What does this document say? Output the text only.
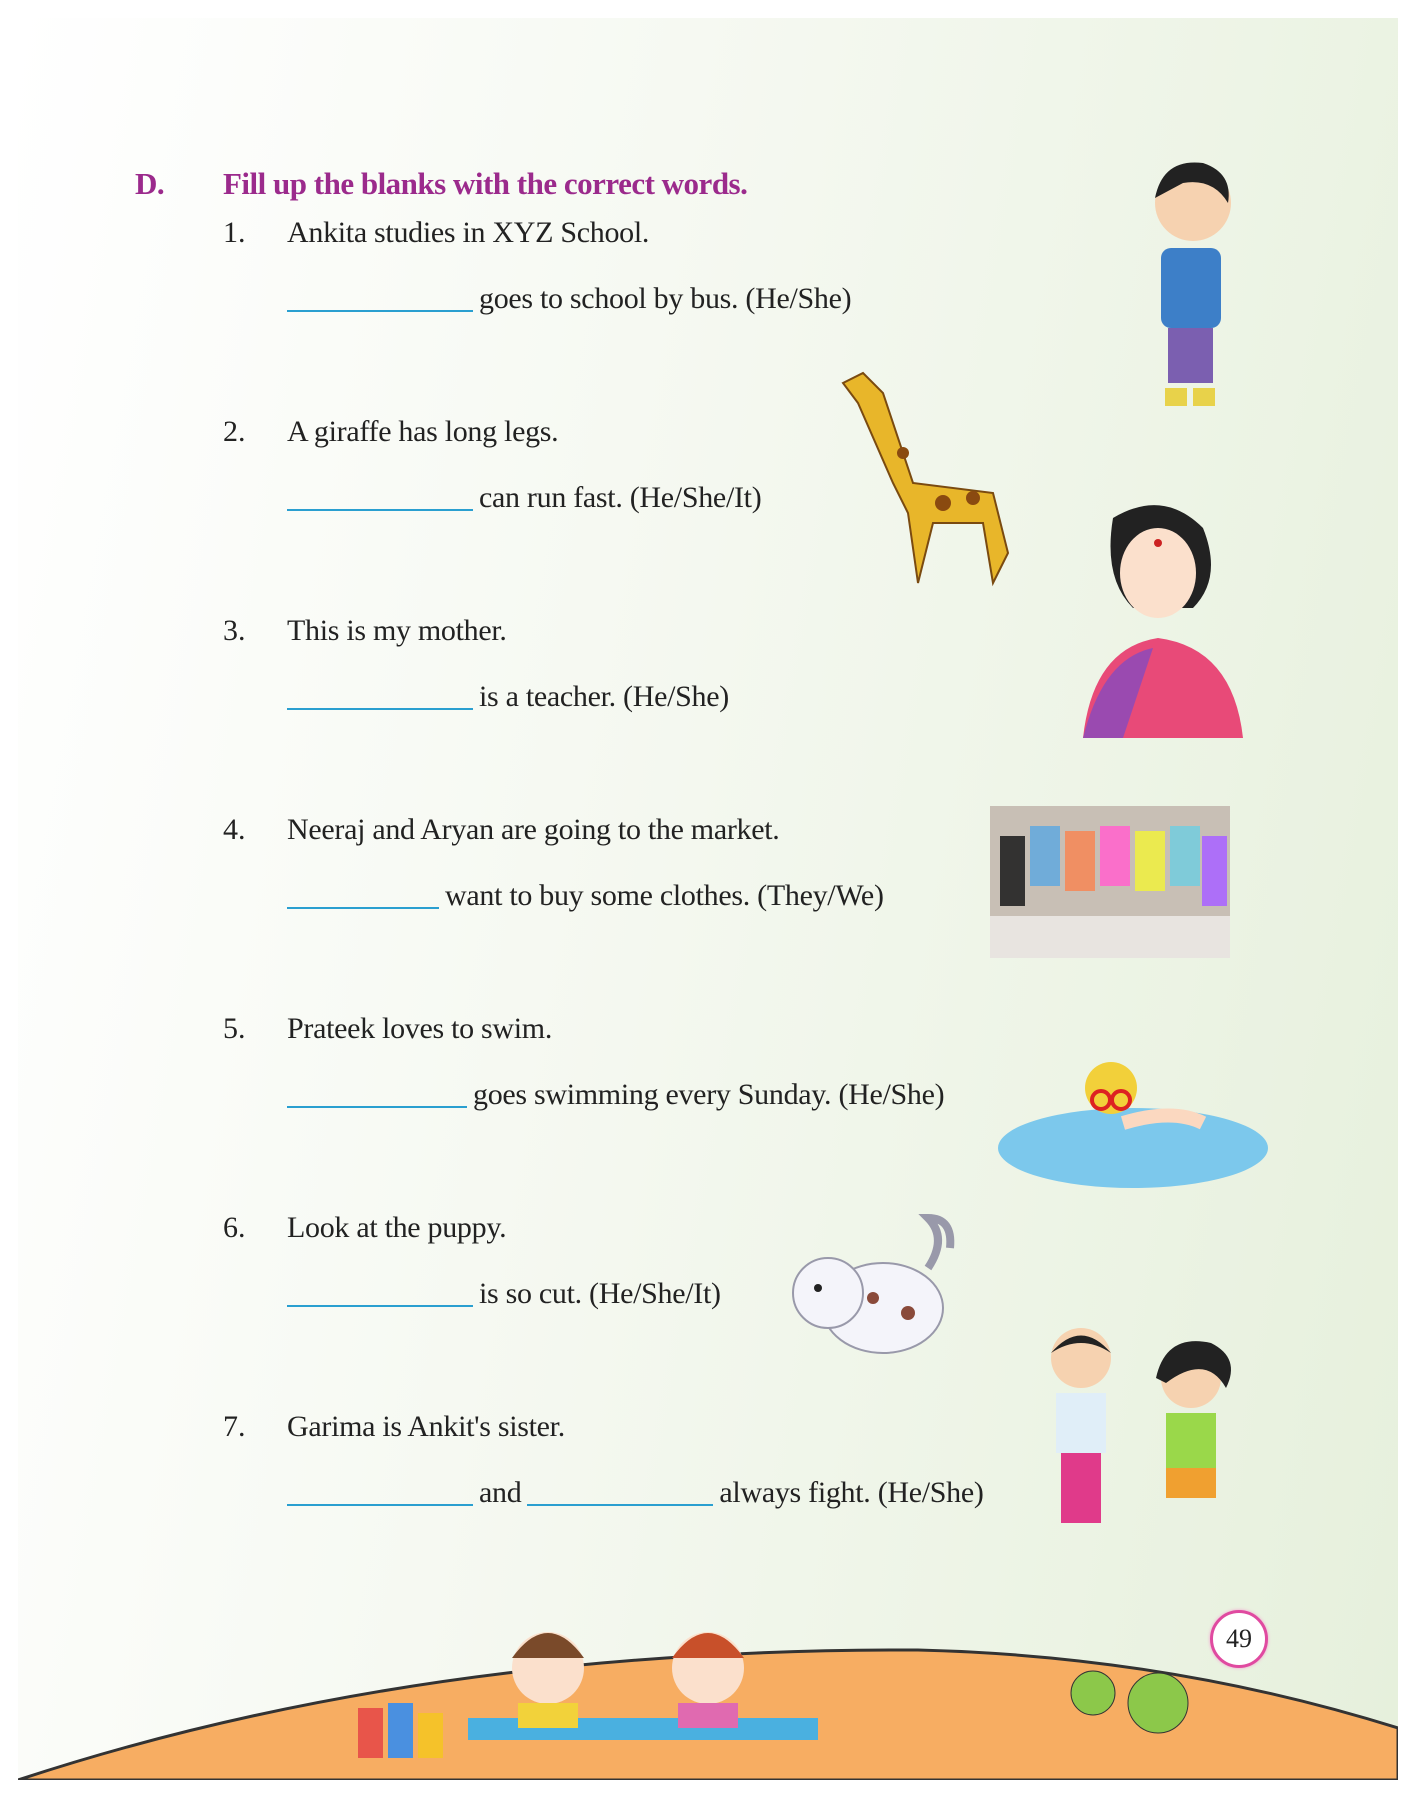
D. Fill up the blanks with the correct words.
1. Ankita studies in XYZ School.
goes to school by bus. (He/She)
2. A giraffe has long legs.
can run fast. (He/She/It)
3. This is my mother.
is a teacher. (He/She)
4. Neeraj and Aryan are going to the market.
want to buy some clothes. (They/We)
5. Prateek loves to swim.
goes swimming every Sunday. (He/She)
6. Look at the puppy.
is so cut. (He/She/It)
7. Garima is Ankit's sister.
and	always fight. (He/She)
49
